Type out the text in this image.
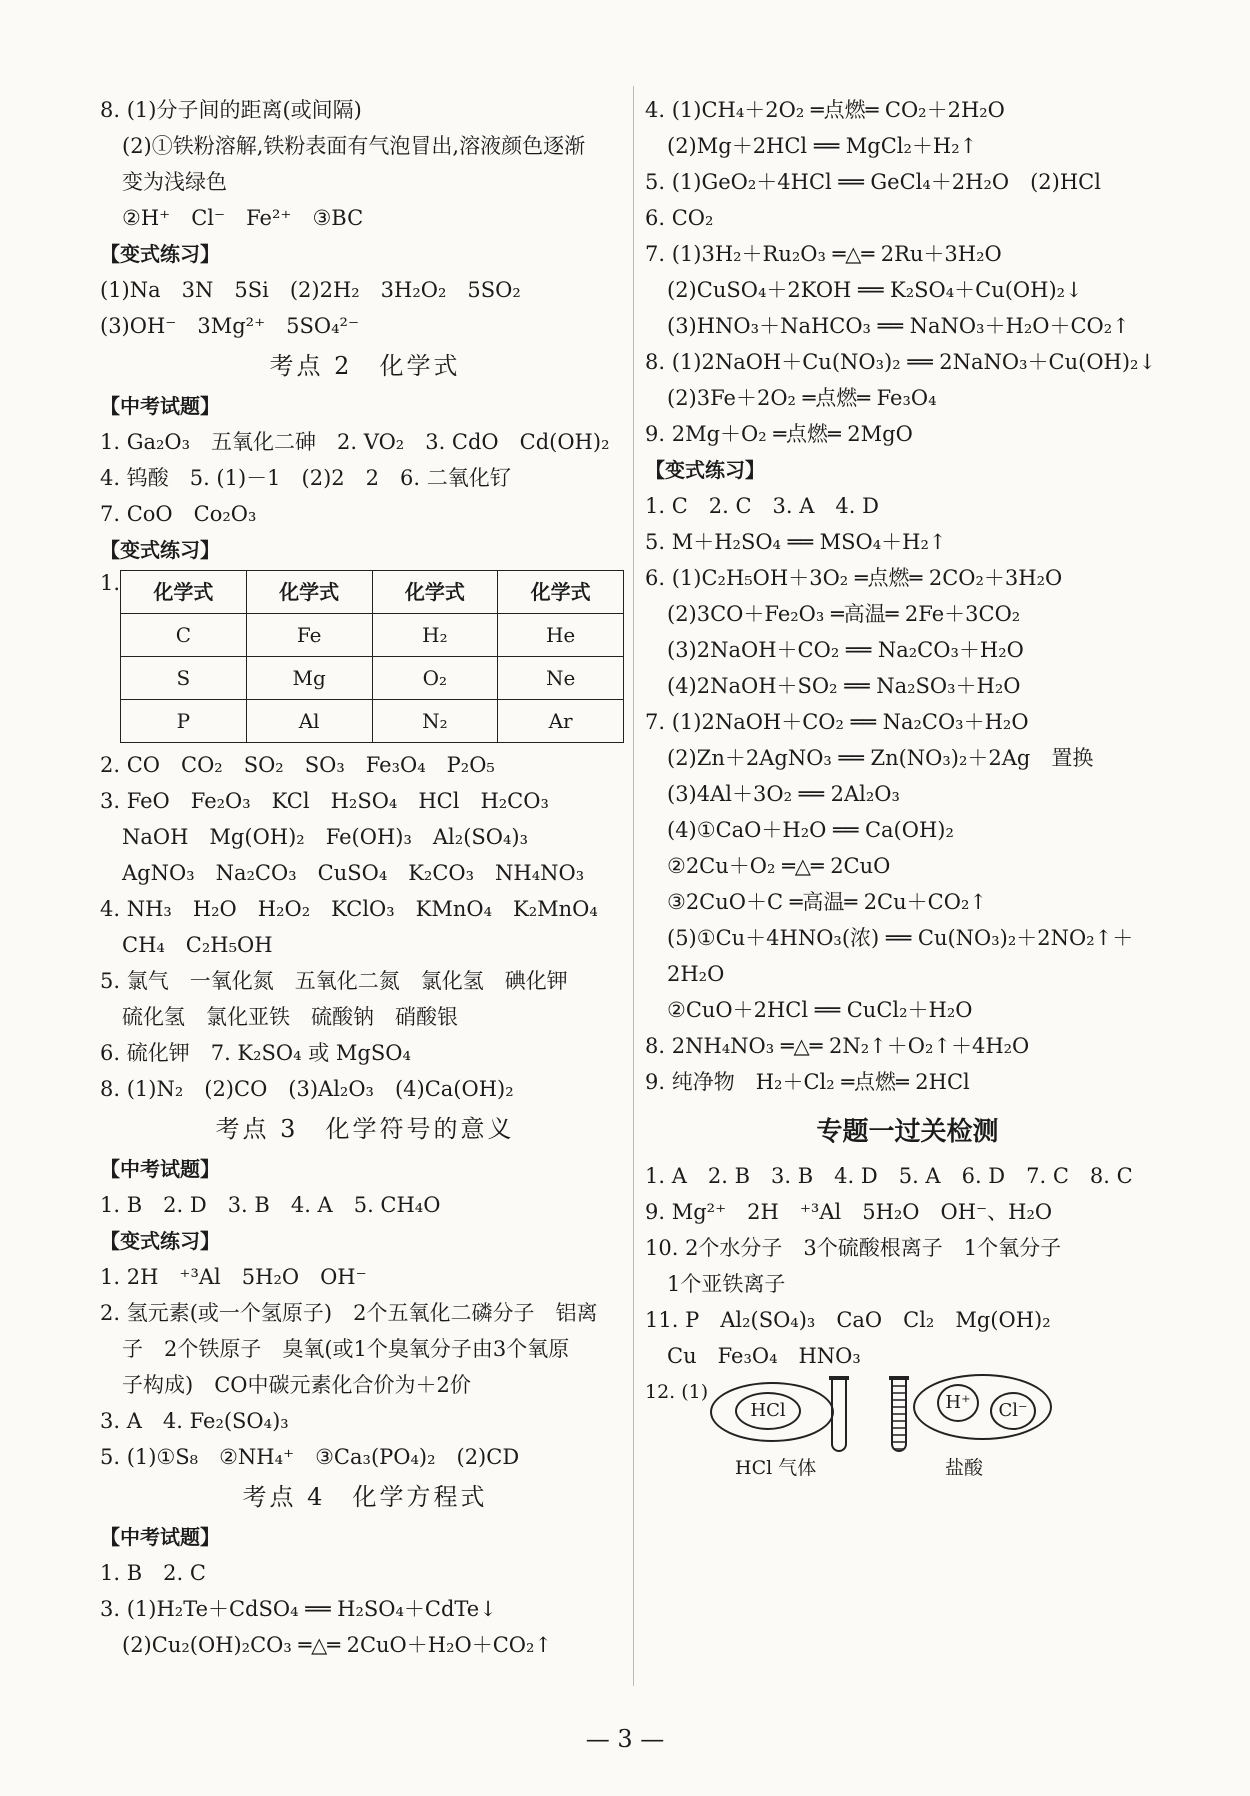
8. (1)分子间的距离(或间隔)
(2)①铁粉溶解,铁粉表面有气泡冒出,溶液颜色逐渐
变为浅绿色
②H⁺　Cl⁻　Fe²⁺　③BC
【变式练习】
(1)Na　3N　5Si　(2)2H₂　3H₂O₂　5SO₂
(3)OH⁻　3Mg²⁺　5SO₄²⁻
考点 2　化学式
【中考试题】
1. Ga₂O₃　五氧化二砷　2. VO₂　3. CdO　Cd(OH)₂
4. 钨酸　5. (1)－1　(2)2　2　6. 二氧化钌
7. CoO　Co₂O₃
【变式练习】
1.	化学式	化学式	化学式	化学式
C	Fe	H₂	He
S	Mg	O₂	Ne
P	Al	N₂	Ar
2. CO　CO₂　SO₂　SO₃　Fe₃O₄　P₂O₅
3. FeO　Fe₂O₃　KCl　H₂SO₄　HCl　H₂CO₃
NaOH　Mg(OH)₂　Fe(OH)₃　Al₂(SO₄)₃
AgNO₃　Na₂CO₃　CuSO₄　K₂CO₃　NH₄NO₃
4. NH₃　H₂O　H₂O₂　KClO₃　KMnO₄　K₂MnO₄
CH₄　C₂H₅OH
5. 氯气　一氧化氮　五氧化二氮　氯化氢　碘化钾
硫化氢　氯化亚铁　硫酸钠　硝酸银
6. 硫化钾　7. K₂SO₄ 或 MgSO₄
8. (1)N₂　(2)CO　(3)Al₂O₃　(4)Ca(OH)₂
考点 3　化学符号的意义
【中考试题】
1. B　2. D　3. B　4. A　5. CH₄O
【变式练习】
1. 2H　⁺³Al　5H₂O　OH⁻
2. 氢元素(或一个氢原子)　2个五氧化二磷分子　铝离
子　2个铁原子　臭氧(或1个臭氧分子由3个氧原
子构成)　CO中碳元素化合价为＋2价
3. A　4. Fe₂(SO₄)₃
5. (1)①S₈　②NH₄⁺　③Ca₃(PO₄)₂　(2)CD
考点 4　化学方程式
【中考试题】
1. B　2. C
3. (1)H₂Te＋CdSO₄ ══ H₂SO₄＋CdTe↓
(2)Cu₂(OH)₂CO₃ ═△═ 2CuO＋H₂O＋CO₂↑
4. (1)CH₄＋2O₂ ═点燃═ CO₂＋2H₂O
(2)Mg＋2HCl ══ MgCl₂＋H₂↑
5. (1)GeO₂＋4HCl ══ GeCl₄＋2H₂O　(2)HCl
6. CO₂
7. (1)3H₂＋Ru₂O₃ ═△═ 2Ru＋3H₂O
(2)CuSO₄＋2KOH ══ K₂SO₄＋Cu(OH)₂↓
(3)HNO₃＋NaHCO₃ ══ NaNO₃＋H₂O＋CO₂↑
8. (1)2NaOH＋Cu(NO₃)₂ ══ 2NaNO₃＋Cu(OH)₂↓
(2)3Fe＋2O₂ ═点燃═ Fe₃O₄
9. 2Mg＋O₂ ═点燃═ 2MgO
【变式练习】
1. C　2. C　3. A　4. D
5. M＋H₂SO₄ ══ MSO₄＋H₂↑
6. (1)C₂H₅OH＋3O₂ ═点燃═ 2CO₂＋3H₂O
(2)3CO＋Fe₂O₃ ═高温═ 2Fe＋3CO₂
(3)2NaOH＋CO₂ ══ Na₂CO₃＋H₂O
(4)2NaOH＋SO₂ ══ Na₂SO₃＋H₂O
7. (1)2NaOH＋CO₂ ══ Na₂CO₃＋H₂O
(2)Zn＋2AgNO₃ ══ Zn(NO₃)₂＋2Ag　置换
(3)4Al＋3O₂ ══ 2Al₂O₃
(4)①CaO＋H₂O ══ Ca(OH)₂
②2Cu＋O₂ ═△═ 2CuO
③2CuO＋C ═高温═ 2Cu＋CO₂↑
(5)①Cu＋4HNO₃(浓) ══ Cu(NO₃)₂＋2NO₂↑＋
2H₂O
②CuO＋2HCl ══ CuCl₂＋H₂O
8. 2NH₄NO₃ ═△═ 2N₂↑＋O₂↑＋4H₂O
9. 纯净物　H₂＋Cl₂ ═点燃═ 2HCl
专题一过关检测
1. A　2. B　3. B　4. D　5. A　6. D　7. C　8. C
9. Mg²⁺　2H　⁺³Al　5H₂O　OH⁻、H₂O
10. 2个水分子　3个硫酸根离子　1个氧分子
1个亚铁离子
11. P　Al₂(SO₄)₃　CaO　Cl₂　Mg(OH)₂
Cu　Fe₃O₄　HNO₃
12. (1)
HCl
HCl 气体
H⁺	Cl⁻
盐酸
— 3 —
